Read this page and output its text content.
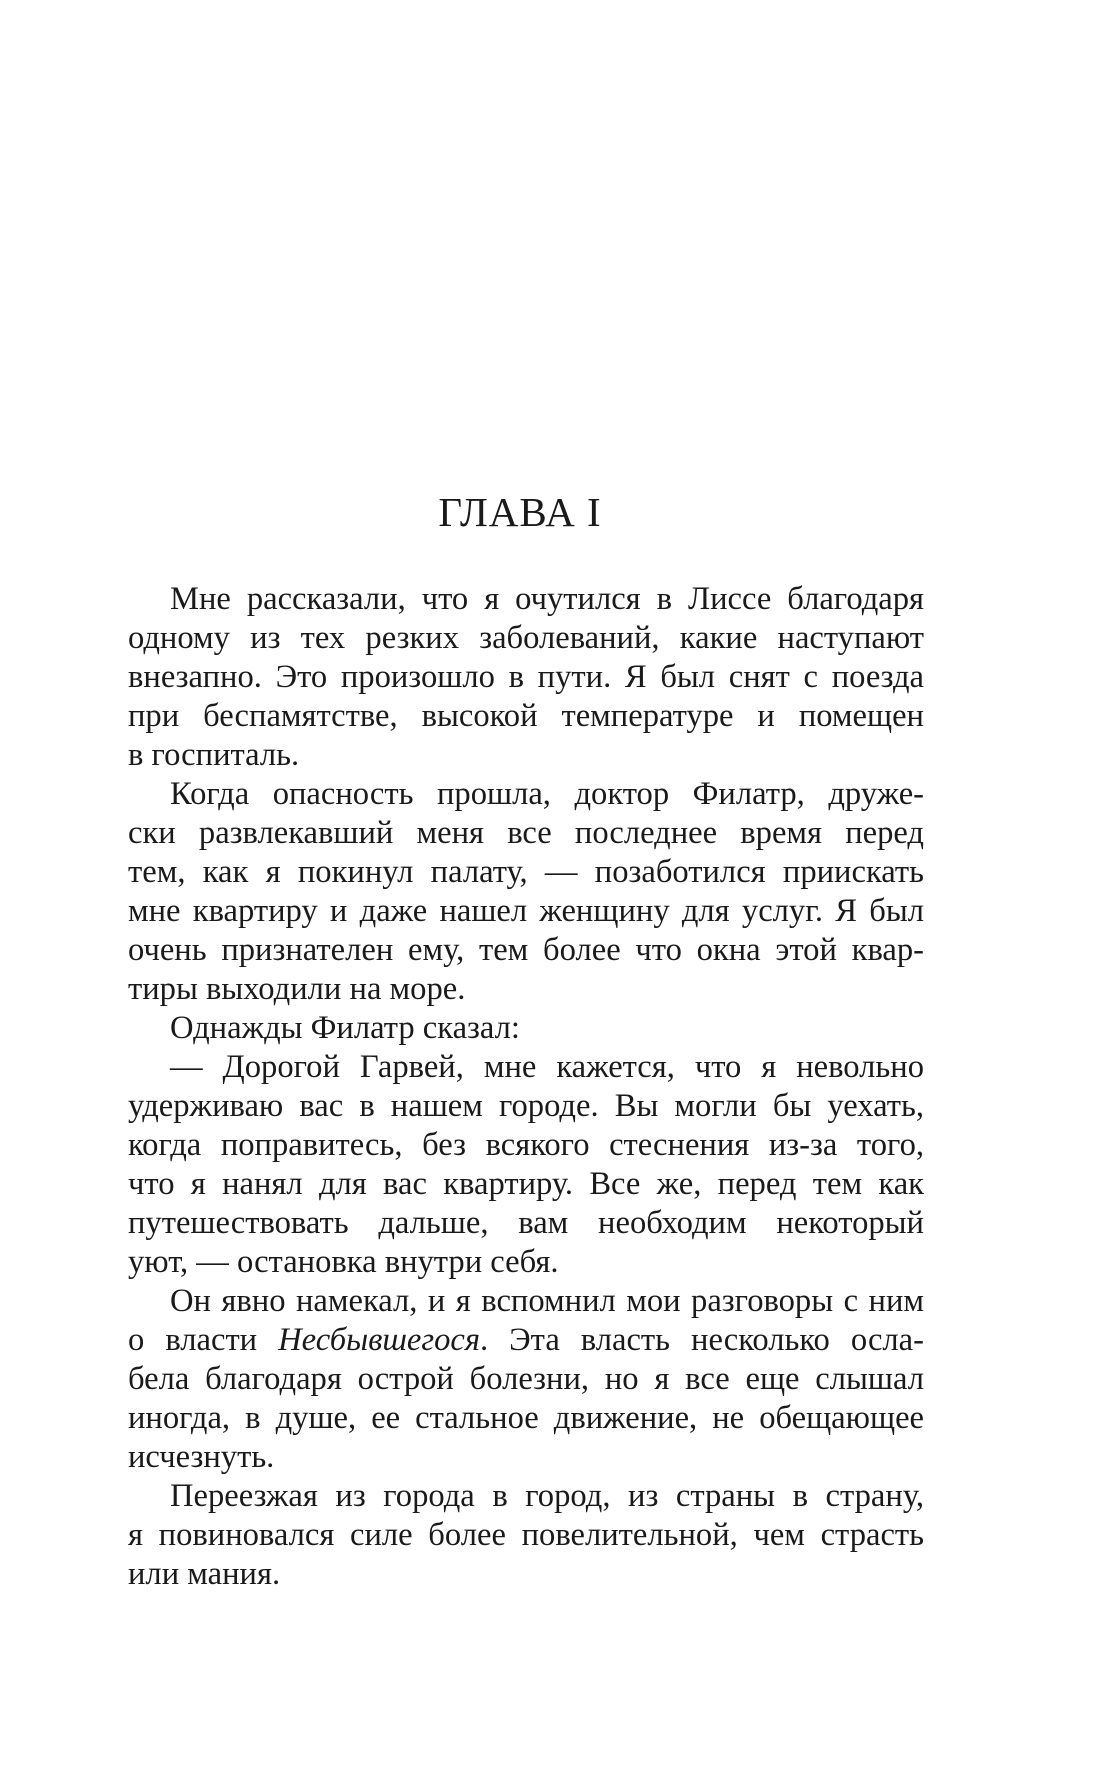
ГЛАВА I
Мне рассказали, что я очутился в Лиссе благодаря
одному из тех резких заболеваний, какие наступают
внезапно. Это произошло в пути. Я был снят с поезда
при беспамятстве, высокой температуре и помещен
в госпиталь.
Когда опасность прошла, доктор Филатр, друже-
ски развлекавший меня все последнее время перед
тем, как я покинул палату, — позаботился приискать
мне квартиру и даже нашел женщину для услуг. Я был
очень признателен ему, тем более что окна этой квар-
тиры выходили на море.
Однажды Филатр сказал:
— Дорогой Гарвей, мне кажется, что я невольно
удерживаю вас в нашем городе. Вы могли бы уехать,
когда поправитесь, без всякого стеснения из-за того,
что я нанял для вас квартиру. Все же, перед тем как
путешествовать дальше, вам необходим некоторый
уют, — остановка внутри себя.
Он явно намекал, и я вспомнил мои разговоры с ним
о власти Несбывшегося. Эта власть несколько осла-
бела благодаря острой болезни, но я все еще слышал
иногда, в душе, ее стальное движение, не обещающее
исчезнуть.
Переезжая из города в город, из страны в страну,
я повиновался силе более повелительной, чем страсть
или мания.
